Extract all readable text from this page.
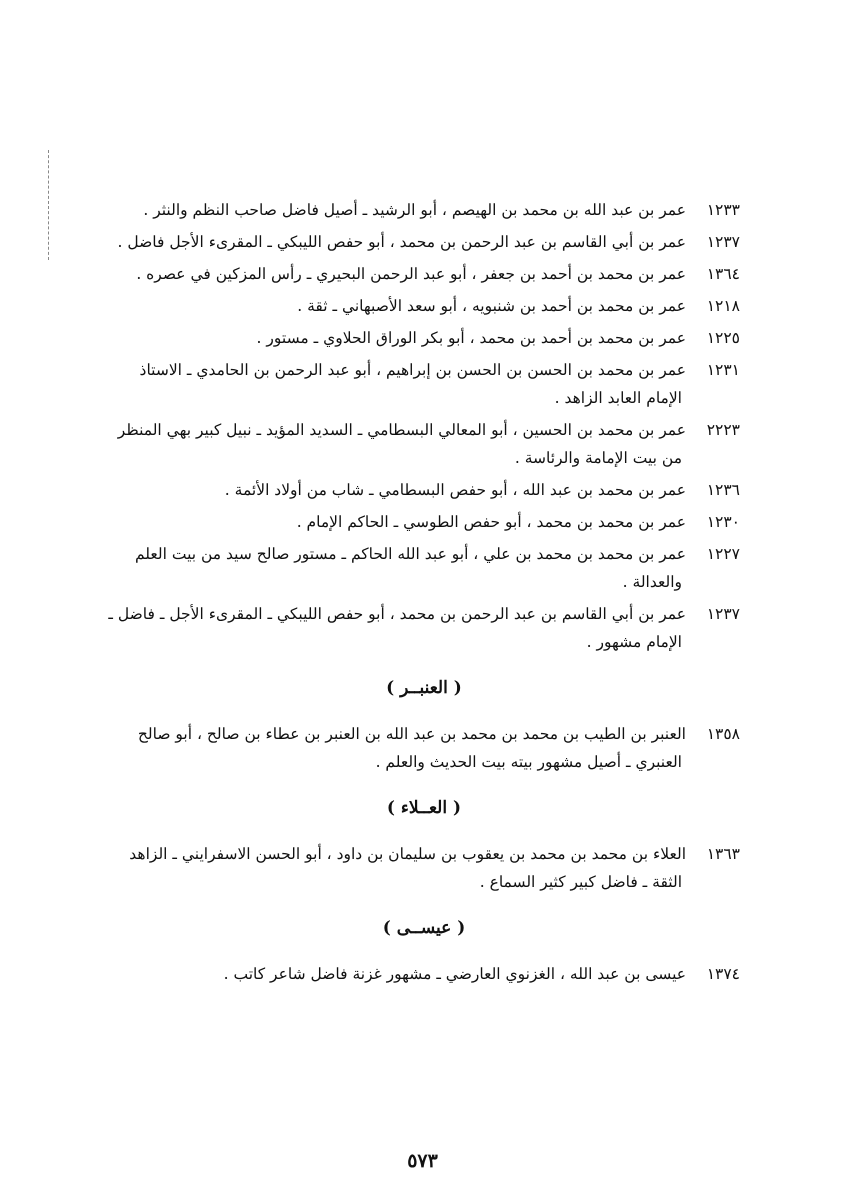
١٢٣٣عمر بن عبد الله بن محمد بن الهيصم ، أبو الرشيد ـ أصيل فاضل صاحب النظم والنثر .

١٢٣٧عمر بن أبي القاسم بن عبد الرحمن بن محمد ، أبو حفص الليبكي ـ المقرىء الأجل فاضل .

١٣٦٤عمر بن محمد بن أحمد بن جعفر ، أبو عبد الرحمن البحيري ـ رأس المزكين في عصره .

١٢١٨عمر بن محمد بن أحمد بن شنبويه ، أبو سعد الأصبهاني ـ ثقة .

١٢٢٥عمر بن محمد بن أحمد بن محمد ، أبو بكر الوراق الحلاوي ـ مستور .

١٢٣١عمر بن محمد بن الحسن بن الحسن بن إبراهيم ، أبو عبد الرحمن بن الحامدي ـ الاستاذ الإمام العابد الزاهد .

٢٢٢٣عمر بن محمد بن الحسين ، أبو المعالي البسطامي ـ السديد المؤيد ـ نبيل كبير بهي المنظر من بيت الإمامة والرئاسة .

١٢٣٦عمر بن محمد بن عبد الله ، أبو حفص البسطامي ـ شاب من أولاد الأئمة .

١٢٣٠عمر بن محمد بن محمد ، أبو حفص الطوسي ـ الحاكم الإمام .

١٢٢٧عمر بن محمد بن محمد بن علي ، أبو عبد الله الحاكم ـ مستور صالح سيد من بيت العلم والعدالة .

١٢٣٧عمر بن أبي القاسم بن عبد الرحمن بن محمد ، أبو حفص الليبكي ـ المقرىء الأجل ـ فاضل ـ الإمام مشهور .

( العنبــر )

١٣٥٨العنبر بن الطيب بن محمد بن محمد بن عبد الله بن العنبر بن عطاء بن صالح ، أبو صالح العنبري ـ أصيل مشهور بيته بيت الحديث والعلم .

( العــلاء )

١٣٦٣العلاء بن محمد بن محمد بن يعقوب بن سليمان بن داود ، أبو الحسن الاسفرايني ـ الزاهد الثقة ـ فاضل كبير كثير السماع .

( عيســى )

١٣٧٤عيسى بن عبد الله ، الغزنوي العارضي ـ مشهور غزنة فاضل شاعر كاتب .

٥٧٣
